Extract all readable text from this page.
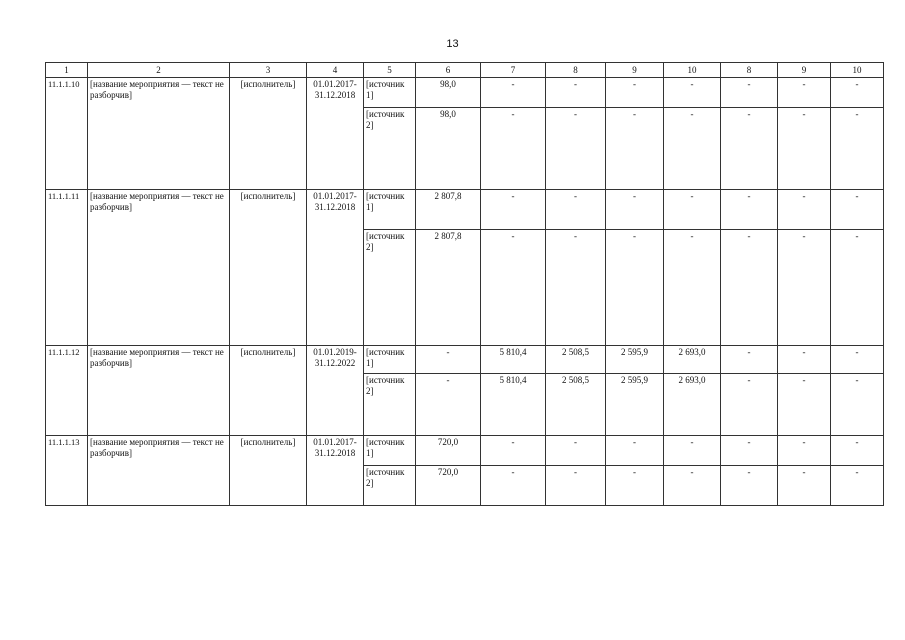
13
1	2	3	4	5	6	7	8	9	10	8	9	10
11.1.1.10	[название мероприятия — текст не разборчив]	[исполнитель]	01.01.2017-
31.12.2018	[источник 1]	98,0	-	-	-	-	-	-	-
				[источник 2]	98,0	-	-	-	-	-	-	-
11.1.1.11	[название мероприятия — текст не разборчив]	[исполнитель]	01.01.2017-
31.12.2018	[источник 1]	2 807,8	-	-	-	-	-	-	-
				[источник 2]	2 807,8	-	-	-	-	-	-	-
11.1.1.12	[название мероприятия — текст не разборчив]	[исполнитель]	01.01.2019-
31.12.2022	[источник 1]	-	5 810,4	2 508,5	2 595,9	2 693,0	-	-	-
				[источник 2]	-	5 810,4	2 508,5	2 595,9	2 693,0	-	-	-
11.1.1.13	[название мероприятия — текст не разборчив]	[исполнитель]	01.01.2017-
31.12.2018	[источник 1]	720,0	-	-	-	-	-	-	-
				[источник 2]	720,0	-	-	-	-	-	-	-
